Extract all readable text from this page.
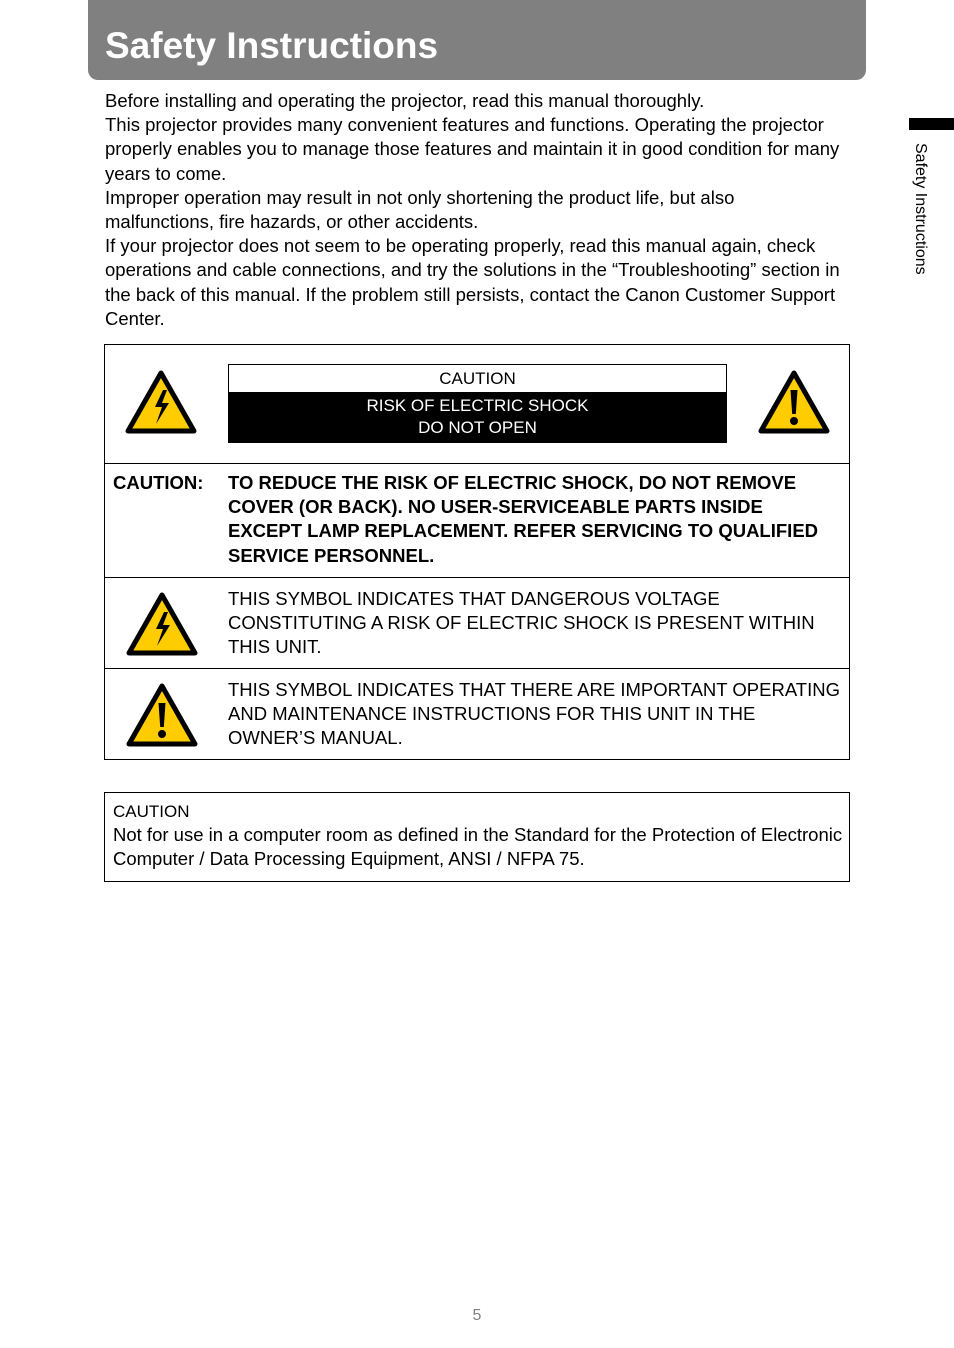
Safety Instructions
Safety Instructions

Before installing and operating the projector, read this manual thoroughly.

This projector provides many convenient features and functions. Operating the projector properly enables you to manage those features and maintain it in good condition for many years to come.

Improper operation may result in not only shortening the product life, but also malfunctions, fire hazards, or other accidents.

If your projector does not seem to be operating properly, read this manual again, check operations and cable connections, and try the solutions in the “Troubleshooting” section in the back of this manual. If the problem still persists, contact the Canon Customer Support Center.

CAUTION
RISK OF ELECTRIC SHOCK
DO NOT OPEN
CAUTION: TO REDUCE THE RISK OF ELECTRIC SHOCK, DO NOT REMOVE COVER (OR BACK). NO USER-SERVICEABLE PARTS INSIDE EXCEPT LAMP REPLACEMENT. REFER SERVICING TO QUALIFIED SERVICE PERSONNEL.
THIS SYMBOL INDICATES THAT DANGEROUS VOLTAGE CONSTITUTING A RISK OF ELECTRIC SHOCK IS PRESENT WITHIN THIS UNIT.
THIS SYMBOL INDICATES THAT THERE ARE IMPORTANT OPERATING AND MAINTENANCE INSTRUCTIONS FOR THIS UNIT IN THE OWNER’S MANUAL.
CAUTION
Not for use in a computer room as defined in the Standard for the Protection of Electronic Computer / Data Processing Equipment, ANSI / NFPA 75.
5
